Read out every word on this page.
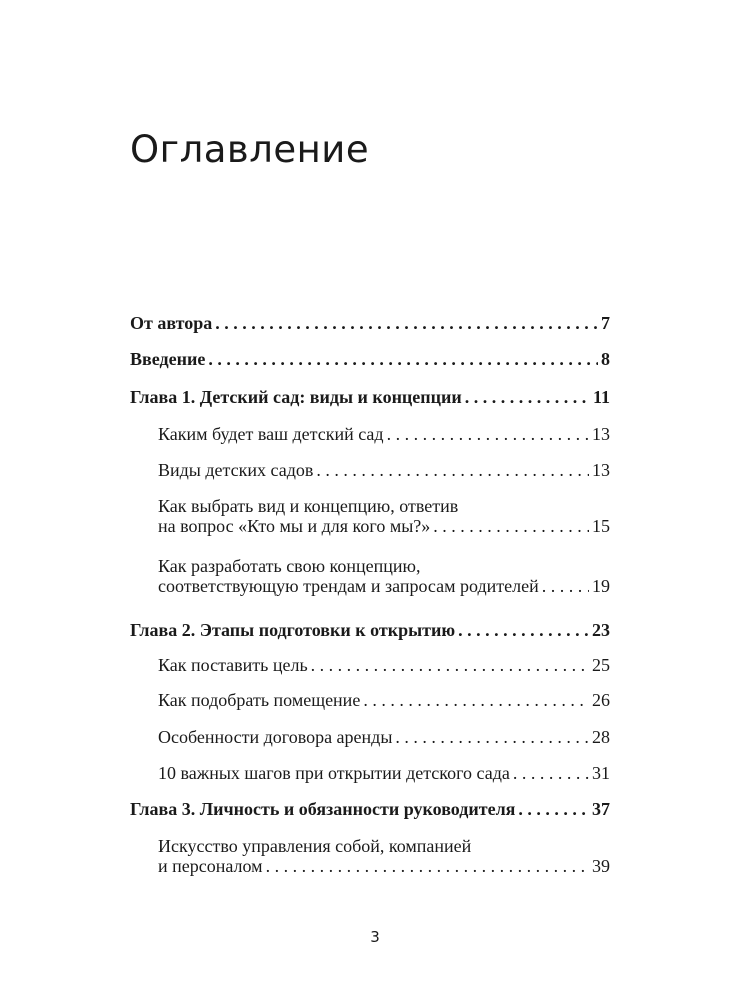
Оглавление
От автора . . .	7
Введение . . .	8
Глава 1. Детский сад: виды и концепции . . .	11
Каким будет ваш детский сад . . .	13
Виды детских садов . . .	13
Как выбрать вид и концепцию, ответив
на вопрос «Кто мы и для кого мы?» . . .	15
Как разработать свою концепцию,
соответствующую трендам и запросам родителей . . .	19
Глава 2. Этапы подготовки к открытию . . .	23
Как поставить цель . . .	25
Как подобрать помещение . . .	26
Особенности договора аренды . . .	28
10 важных шагов при открытии детского сада . . .	31
Глава 3. Личность и обязанности руководителя . . .	37
Искусство управления собой, компанией
и персоналом . . .	39
3
